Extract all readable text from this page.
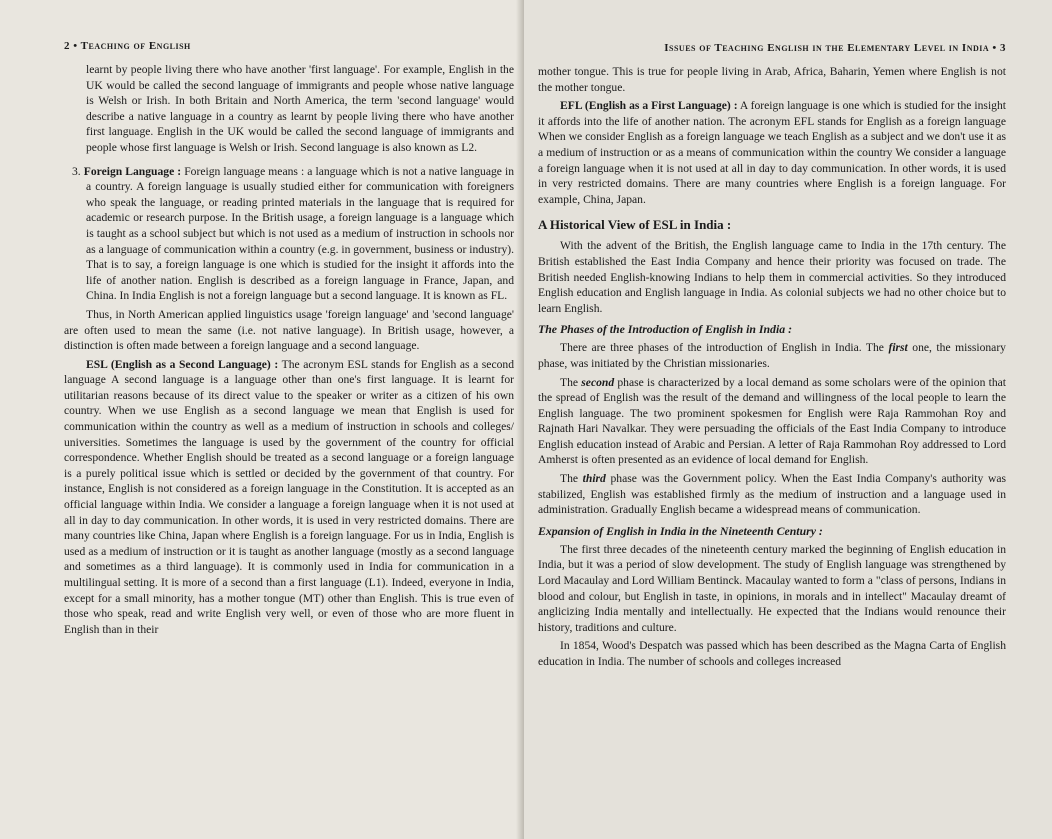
2 • Teaching of English

learnt by people living there who have another 'first language'. For example, English in the UK would be called the second language of immigrants and people whose native language is Welsh or Irish. In both Britain and North America, the term 'second language' would describe a native language in a country as learnt by people living there who have another first language. English in the UK would be called the second language of immigrants and people whose first language is Welsh or Irish. Second language is also known as L2.

3. Foreign Language : Foreign language means : a language which is not a native language in a country. A foreign language is usually studied either for communication with foreigners who speak the language, or reading printed materials in the language that is required for academic or research purpose. In the British usage, a foreign language is a language which is taught as a school subject but which is not used as a medium of instruction in schools nor as a language of communication within a country (e.g. in government, business or industry). That is to say, a foreign language is one which is studied for the insight it affords into the life of another nation. English is described as a foreign language in France, Japan, and China. In India English is not a foreign language but a second language. It is known as FL.

Thus, in North American applied linguistics usage 'foreign language' and 'second language' are often used to mean the same (i.e. not native language). In British usage, however, a distinction is often made between a foreign language and a second language.

ESL (English as a Second Language) : The acronym ESL stands for English as a second language A second language is a language other than one's first language. It is learnt for utilitarian reasons because of its direct value to the speaker or writer as a citizen of his own country. When we use English as a second language we mean that English is used for communication within the country as well as a medium of instruction in schools and colleges/ universities. Sometimes the language is used by the government of the country for official correspondence. Whether English should be treated as a second language or a foreign language is a purely political issue which is settled or decided by the government of that country. For instance, English is not considered as a foreign language in the Constitution. It is accepted as an official language within India. We consider a language a foreign language when it is not used at all in day to day communication. In other words, it is used in very restricted domains. There are many countries like China, Japan where English is a foreign language. For us in India, English is used as a medium of instruction or it is taught as another language (mostly as a second language and sometimes as a third language). It is commonly used in India for communication in a multilingual setting. It is more of a second than a first language (L1). Indeed, everyone in India, except for a small minority, has a mother tongue (MT) other than English. This is true even of those who speak, read and write English very well, or even of those who are more fluent in English than in their

Issues of Teaching English in the Elementary Level in India • 3

mother tongue. This is true for people living in Arab, Africa, Baharin, Yemen where English is not the mother tongue.

EFL (English as a First Language) : A foreign language is one which is studied for the insight it affords into the life of another nation. The acronym EFL stands for English as a foreign language When we consider English as a foreign language we teach English as a subject and we don't use it as a medium of instruction or as a means of communication within the country We consider a language a foreign language when it is not used at all in day to day communication. In other words, it is used in very restricted domains. There are many countries where English is a foreign language. For example, China, Japan.

A Historical View of ESL in India :

With the advent of the British, the English language came to India in the 17th century. The British established the East India Company and hence their priority was focused on trade. The British needed English-knowing Indians to help them in commercial activities. So they introduced English education and English language in India. As colonial subjects we had no other choice but to learn English.

The Phases of the Introduction of English in India :

There are three phases of the introduction of English in India. The first one, the missionary phase, was initiated by the Christian missionaries.

The second phase is characterized by a local demand as some scholars were of the opinion that the spread of English was the result of the demand and willingness of the local people to learn the English language. The two prominent spokesmen for English were Raja Rammohan Roy and Rajnath Hari Navalkar. They were persuading the officials of the East India Company to introduce English education instead of Arabic and Persian. A letter of Raja Rammohan Roy addressed to Lord Amherst is often presented as an evidence of local demand for English.

The third phase was the Government policy. When the East India Company's authority was stabilized, English was established firmly as the medium of instruction and a language used in administration. Gradually English became a widespread means of communication.

Expansion of English in India in the Nineteenth Century :

The first three decades of the nineteenth century marked the beginning of English education in India, but it was a period of slow development. The study of English language was strengthened by Lord Macaulay and Lord William Bentinck. Macaulay wanted to form a "class of persons, Indians in blood and colour, but English in taste, in opinions, in morals and in intellect" Macaulay dreamt of anglicizing India mentally and intellectually. He expected that the Indians would renounce their history, traditions and culture.

In 1854, Wood's Despatch was passed which has been described as the Magna Carta of English education in India. The number of schools and colleges increased
